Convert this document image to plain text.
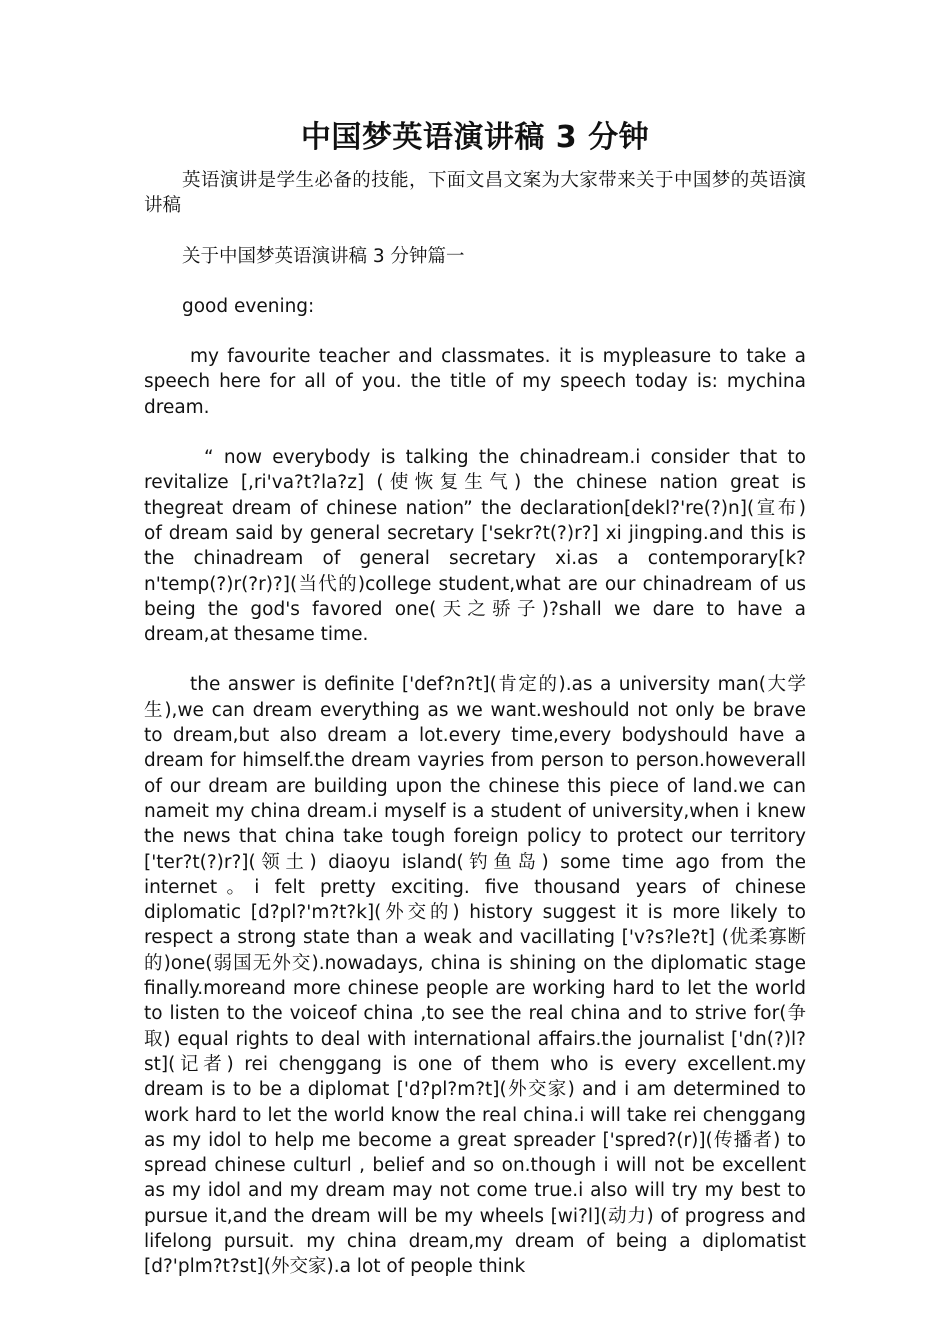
中国梦英语演讲稿 3 分钟

英语演讲是学生必备的技能，下面文昌文案为大家带来关于中国梦的英语演讲稿

关于中国梦英语演讲稿 3 分钟篇一

good evening:

my favourite teacher and classmates. it is mypleasure to take a speech here for all of you. the title of my speech today is: mychina dream.

“ now everybody is talking the chinadream.i consider that to revitalize [,ri'va?t?la?z] (使恢复生气) the chinese nation great is thegreat dream of chinese nation” the declaration[dekl?'re(?)n](宣布) of dream said by general secretary ['sekr?t(?)r?] xi jingping.and this is the chinadream of general secretary xi.as a contemporary[k?n'temp(?)r(?r)?](当代的)college student,what are our chinadream of us being the god's favored one(天之骄子)?shall we dare to have a dream,at thesame time.

the answer is definite ['def?n?t](肯定的).as a university man(大学生),we can dream everything as we want.weshould not only be brave to dream,but also dream a lot.every time,every bodyshould have a dream for himself.the dream vayries from person to person.howeverall of our dream are building upon the chinese this piece of land.we can nameit my china dream.i myself is a student of university,when i knew the news that china take tough foreign policy to protect our territory ['ter?t(?)r?](领土) diaoyu island(钓鱼岛) some time ago from the internet。i felt pretty exciting. five thousand years of chinese diplomatic [d?pl?'m?t?k](外交的) history suggest it is more likely to respect a strong state than a weak and vacillating ['v?s?le?t] (优柔寡断的)one(弱国无外交).nowadays, china is shining on the diplomatic stage finally.moreand more chinese people are working hard to let the world to listen to the voiceof china ,to see the real china and to strive for(争取) equal rights to deal with international affairs.the journalist ['dn(?)l?st](记者) rei chenggang is one of them who is every excellent.my dream is to be a diplomat ['d?pl?m?t](外交家) and i am determined to work hard to let the world know the real china.i will take rei chenggang as my idol to help me become a great spreader ['spred?(r)](传播者) to spread chinese culturl , belief and so on.though i will not be excellent as my idol and my dream may not come true.i also will try my best to pursue it,and the dream will be my wheels [wi?l](动力) of progress and lifelong pursuit. my china dream,my dream of being a diplomatist [d?'plm?t?st](外交家).a lot of people think
